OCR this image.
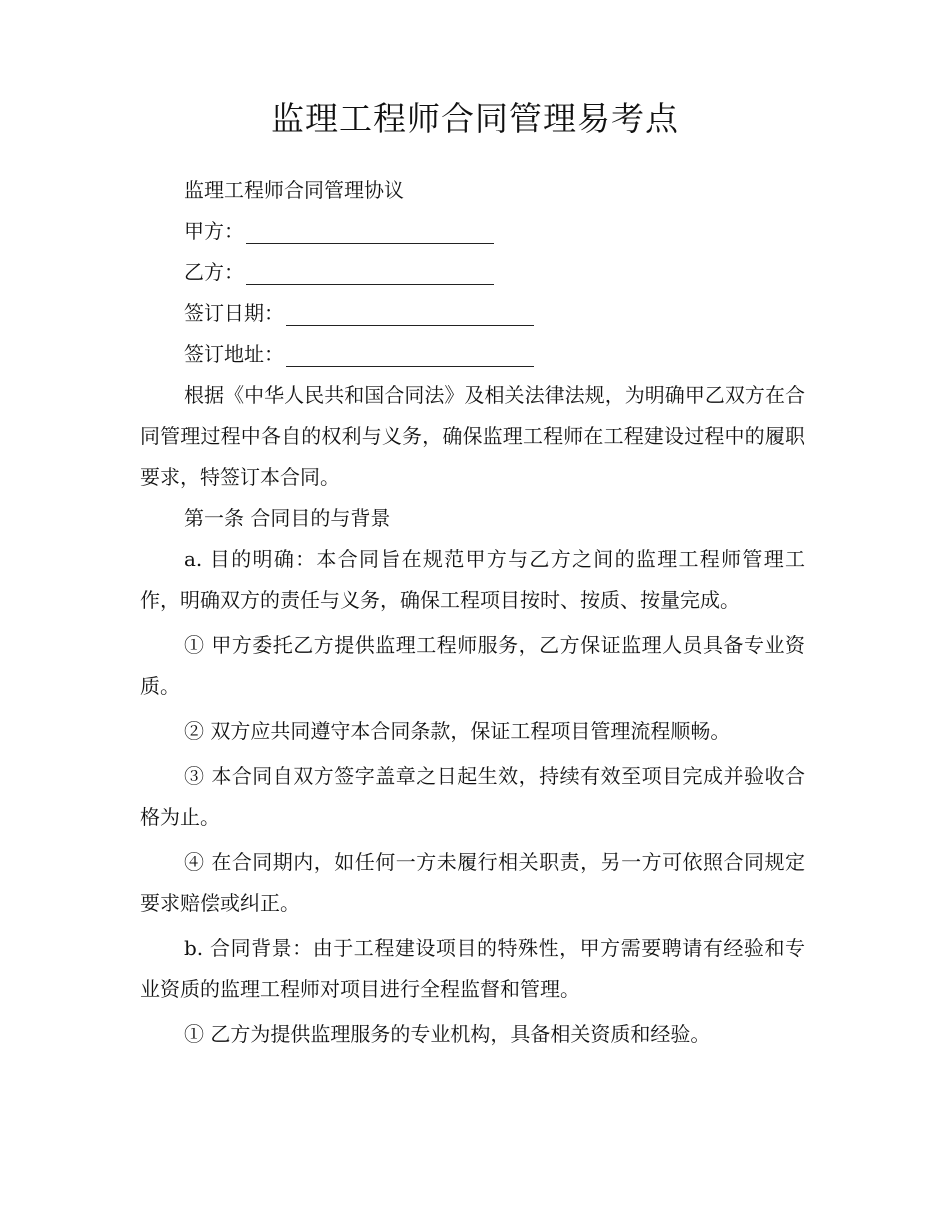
监理工程师合同管理易考点

监理工程师合同管理协议

甲方：

乙方：

签订日期：

签订地址：

根据《中华人民共和国合同法》及相关法律法规，为明确甲乙双方在合同管理过程中各自的权利与义务，确保监理工程师在工程建设过程中的履职要求，特签订本合同。

第一条 合同目的与背景

a. 目的明确：本合同旨在规范甲方与乙方之间的监理工程师管理工作，明确双方的责任与义务，确保工程项目按时、按质、按量完成。

① 甲方委托乙方提供监理工程师服务，乙方保证监理人员具备专业资质。

② 双方应共同遵守本合同条款，保证工程项目管理流程顺畅。

③ 本合同自双方签字盖章之日起生效，持续有效至项目完成并验收合格为止。

④ 在合同期内，如任何一方未履行相关职责，另一方可依照合同规定要求赔偿或纠正。

b. 合同背景：由于工程建设项目的特殊性，甲方需要聘请有经验和专业资质的监理工程师对项目进行全程监督和管理。

① 乙方为提供监理服务的专业机构，具备相关资质和经验。
